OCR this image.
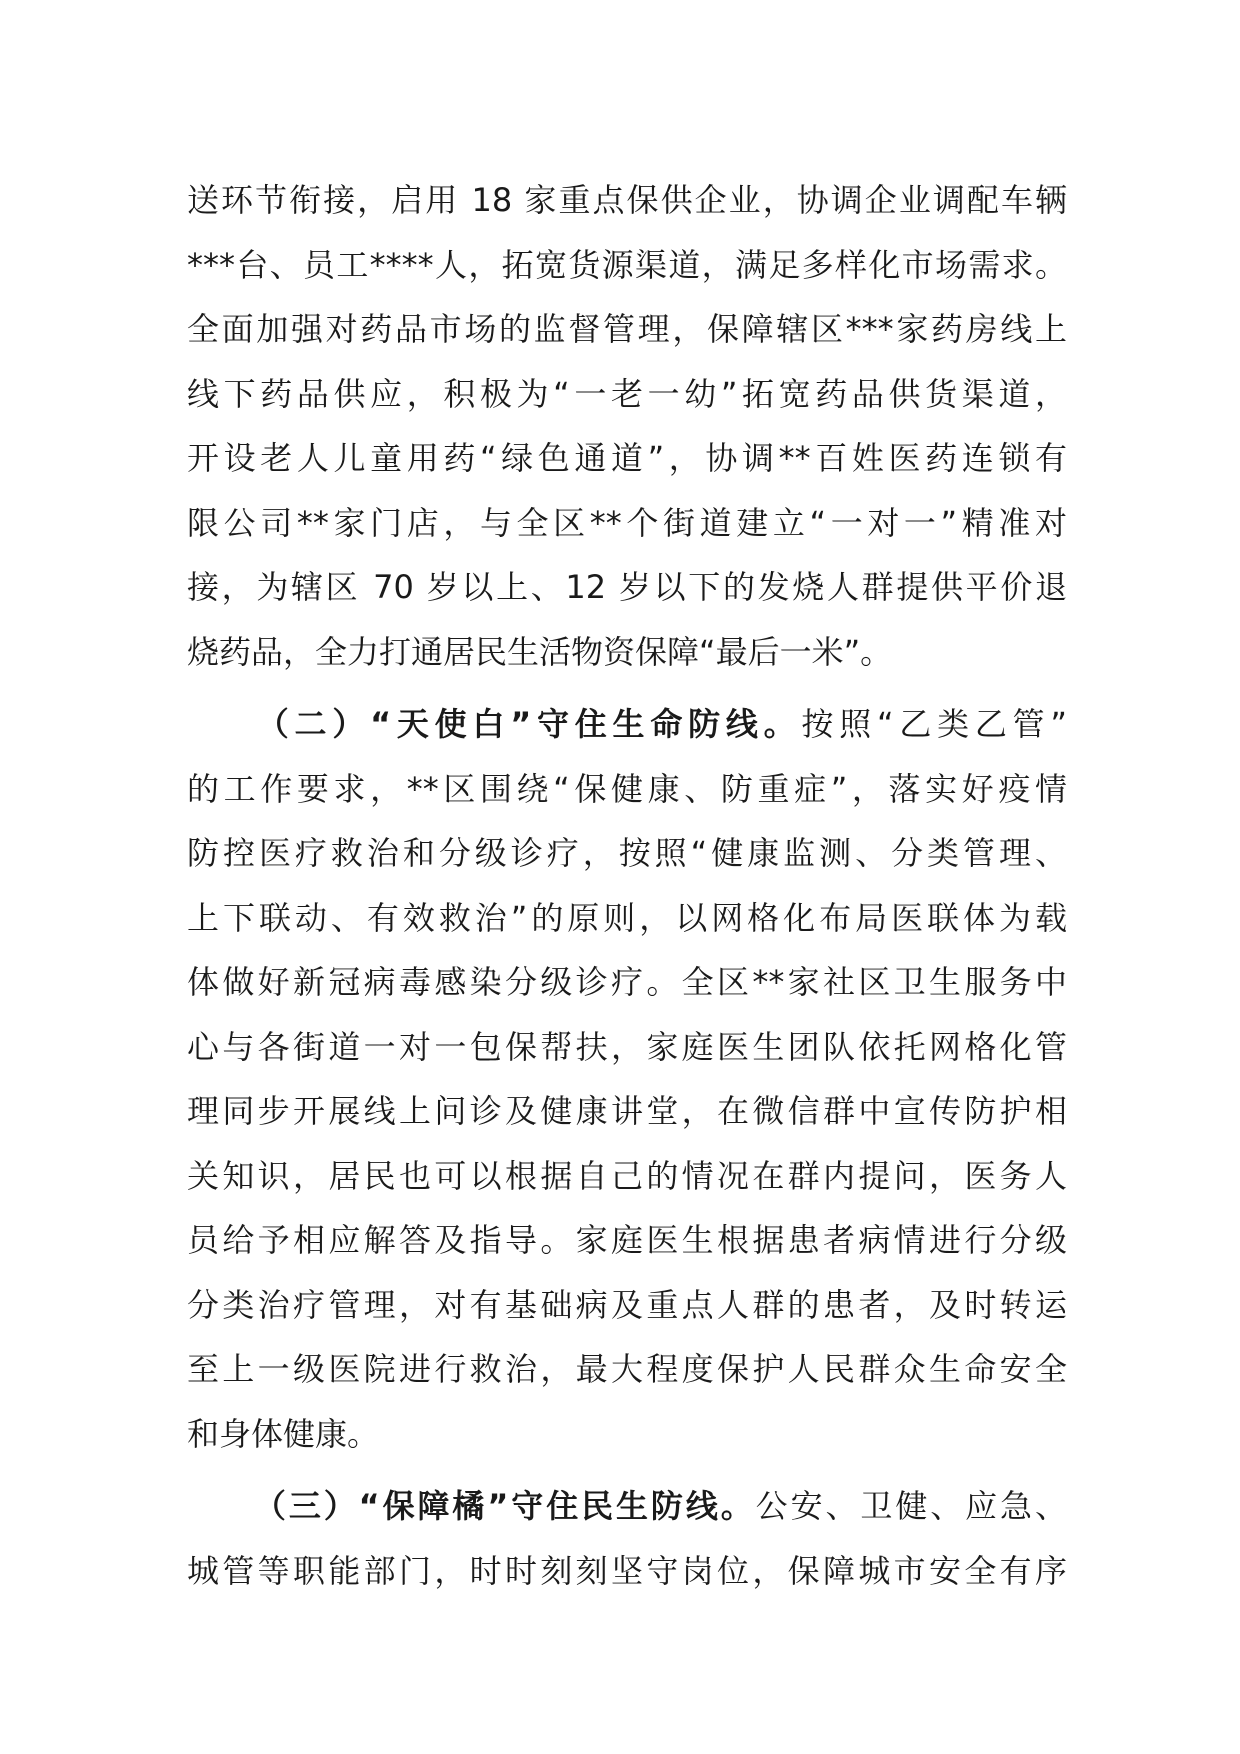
送环节衔接，启用 18 家重点保供企业，协调企业调配车辆
***台、员工****人，拓宽货源渠道，满足多样化市场需求。
全面加强对药品市场的监督管理，保障辖区***家药房线上
线下药品供应，积极为“一老一幼”拓宽药品供货渠道，
开设老人儿童用药“绿色通道”，协调**百姓医药连锁有
限公司**家门店，与全区**个街道建立“一对一”精准对
接，为辖区 70 岁以上、12 岁以下的发烧人群提供平价退
烧药品，全力打通居民生活物资保障“最后一米”。
（二）“天使白”守住生命防线。按照“乙类乙管”
的工作要求，**区围绕“保健康、防重症”，落实好疫情
防控医疗救治和分级诊疗，按照“健康监测、分类管理、
上下联动、有效救治”的原则，以网格化布局医联体为载
体做好新冠病毒感染分级诊疗。全区**家社区卫生服务中
心与各街道一对一包保帮扶，家庭医生团队依托网格化管
理同步开展线上问诊及健康讲堂，在微信群中宣传防护相
关知识，居民也可以根据自己的情况在群内提问，医务人
员给予相应解答及指导。家庭医生根据患者病情进行分级
分类治疗管理，对有基础病及重点人群的患者，及时转运
至上一级医院进行救治，最大程度保护人民群众生命安全
和身体健康。
（三）“保障橘”守住民生防线。公安、卫健、应急、
城管等职能部门，时时刻刻坚守岗位，保障城市安全有序
